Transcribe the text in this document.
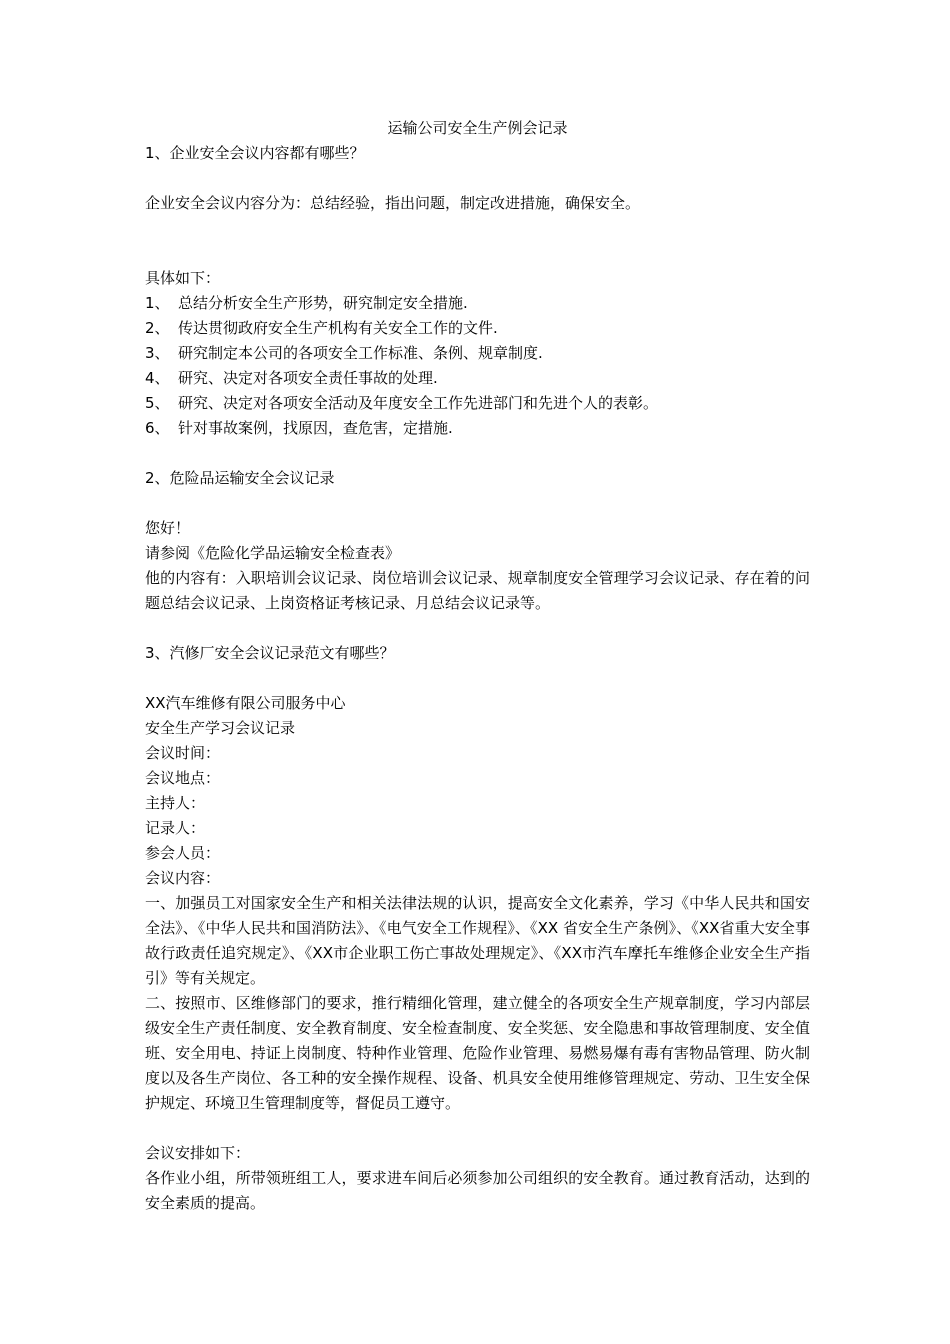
运输公司安全生产例会记录

1、企业安全会议内容都有哪些？

企业安全会议内容分为：总结经验，指出问题，制定改进措施，确保安全。

具体如下：

1、 总结分析安全生产形势，研究制定安全措施.
2、 传达贯彻政府安全生产机构有关安全工作的文件.
3、 研究制定本公司的各项安全工作标准、条例、规章制度.
4、 研究、决定对各项安全责任事故的处理.
5、 研究、决定对各项安全活动及年度安全工作先进部门和先进个人的表彰。
6、 针对事故案例，找原因，查危害，定措施.

2、危险品运输安全会议记录

您好！

请参阅《危险化学品运输安全检查表》

他的内容有：入职培训会议记录、岗位培训会议记录、规章制度安全管理学习会议记录、存在着的问题总结会议记录、上岗资格证考核记录、月总结会议记录等。

3、汽修厂安全会议记录范文有哪些？

XX汽车维修有限公司服务中心

安全生产学习会议记录

会议时间：

会议地点：

主持人：

记录人：

参会人员：

会议内容：

一、加强员工对国家安全生产和相关法律法规的认识，提高安全文化素养，学习《中华人民共和国安全法》、《中华人民共和国消防法》、《电气安全工作规程》、《XX 省安全生产条例》、《XX省重大安全事故行政责任追究规定》、《XX市企业职工伤亡事故处理规定》、《XX市汽车摩托车维修企业安全生产指引》等有关规定。

二、按照市、区维修部门的要求，推行精细化管理，建立健全的各项安全生产规章制度，学习内部层级安全生产责任制度、安全教育制度、安全检查制度、安全奖惩、安全隐患和事故管理制度、安全值班、安全用电、持证上岗制度、特种作业管理、危险作业管理、易燃易爆有毒有害物品管理、防火制度以及各生产岗位、各工种的安全操作规程、设备、机具安全使用维修管理规定、劳动、卫生安全保护规定、环境卫生管理制度等，督促员工遵守。

会议安排如下：

各作业小组，所带领班组工人，要求进车间后必须参加公司组织的安全教育。通过教育活动，达到的安全素质的提高。
